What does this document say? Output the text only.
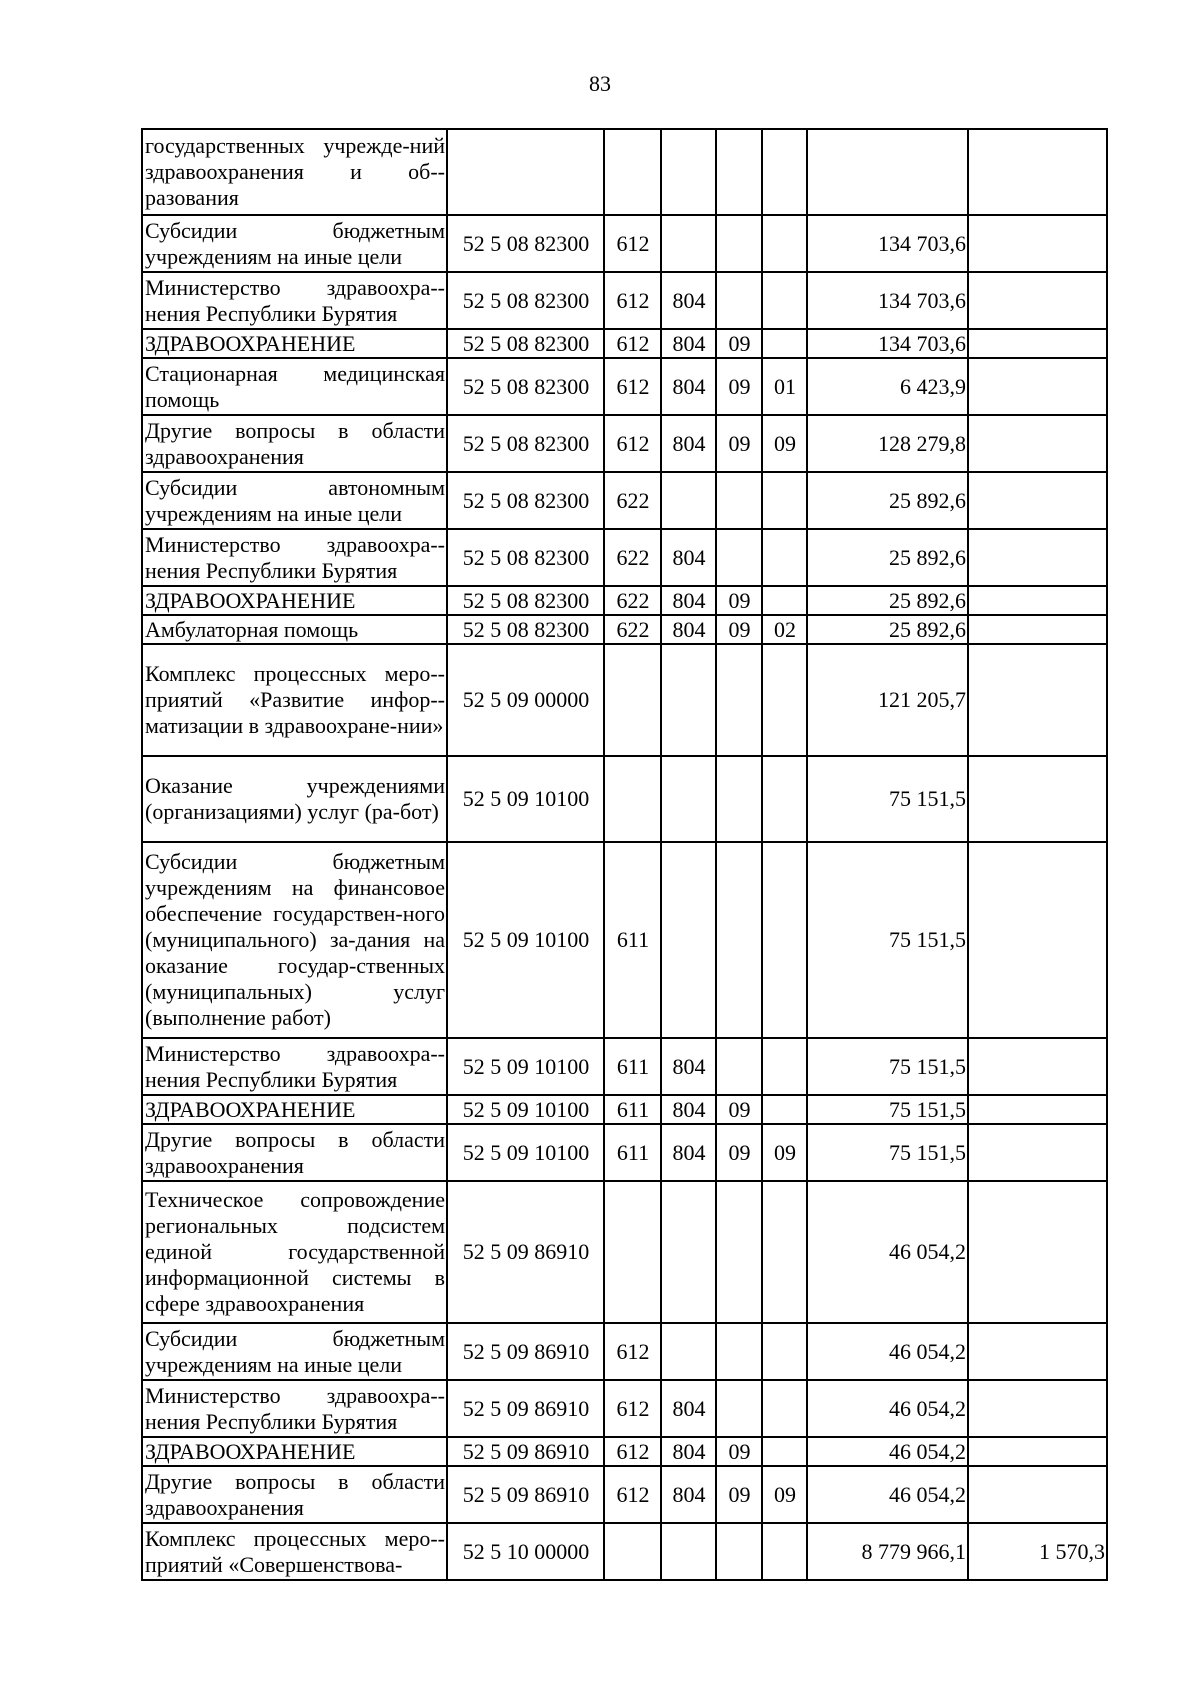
83
государственных учрежде-ний здравоохранения и об-разования							
Субсидии бюджетным учреждениям на иные цели	52 5 08 82300	612				134 703,6	
Министерство здравоохра-нения Республики Бурятия	52 5 08 82300	612	804			134 703,6	
ЗДРАВООХРАНЕНИЕ	52 5 08 82300	612	804	09		134 703,6	
Стационарная медицинская помощь	52 5 08 82300	612	804	09	01	6 423,9	
Другие вопросы в области здравоохранения	52 5 08 82300	612	804	09	09	128 279,8	
Субсидии автономным учреждениям на иные цели	52 5 08 82300	622				25 892,6	
Министерство здравоохра-нения Республики Бурятия	52 5 08 82300	622	804			25 892,6	
ЗДРАВООХРАНЕНИЕ	52 5 08 82300	622	804	09		25 892,6	
Амбулаторная помощь	52 5 08 82300	622	804	09	02	25 892,6	
Комплекс процессных меро-приятий «Развитие инфор-матизации в здравоохране-нии»	52 5 09 00000					121 205,7	
Оказание учреждениями (организациями) услуг (ра-бот)	52 5 09 10100					75 151,5	
Субсидии бюджетным учреждениям на финансовое обеспечение государствен-ного (муниципального) за-дания на оказание государ-ственных (муниципальных) услуг (выполнение работ)	52 5 09 10100	611				75 151,5	
Министерство здравоохра-нения Республики Бурятия	52 5 09 10100	611	804			75 151,5	
ЗДРАВООХРАНЕНИЕ	52 5 09 10100	611	804	09		75 151,5	
Другие вопросы в области здравоохранения	52 5 09 10100	611	804	09	09	75 151,5	
Техническое сопровождение региональных подсистем единой государственной информационной системы в сфере здравоохранения	52 5 09 86910					46 054,2	
Субсидии бюджетным учреждениям на иные цели	52 5 09 86910	612				46 054,2	
Министерство здравоохра-нения Республики Бурятия	52 5 09 86910	612	804			46 054,2	
ЗДРАВООХРАНЕНИЕ	52 5 09 86910	612	804	09		46 054,2	
Другие вопросы в области здравоохранения	52 5 09 86910	612	804	09	09	46 054,2	
Комплекс процессных меро-приятий «Совершенствова-	52 5 10 00000					8 779 966,1	1 570,3
